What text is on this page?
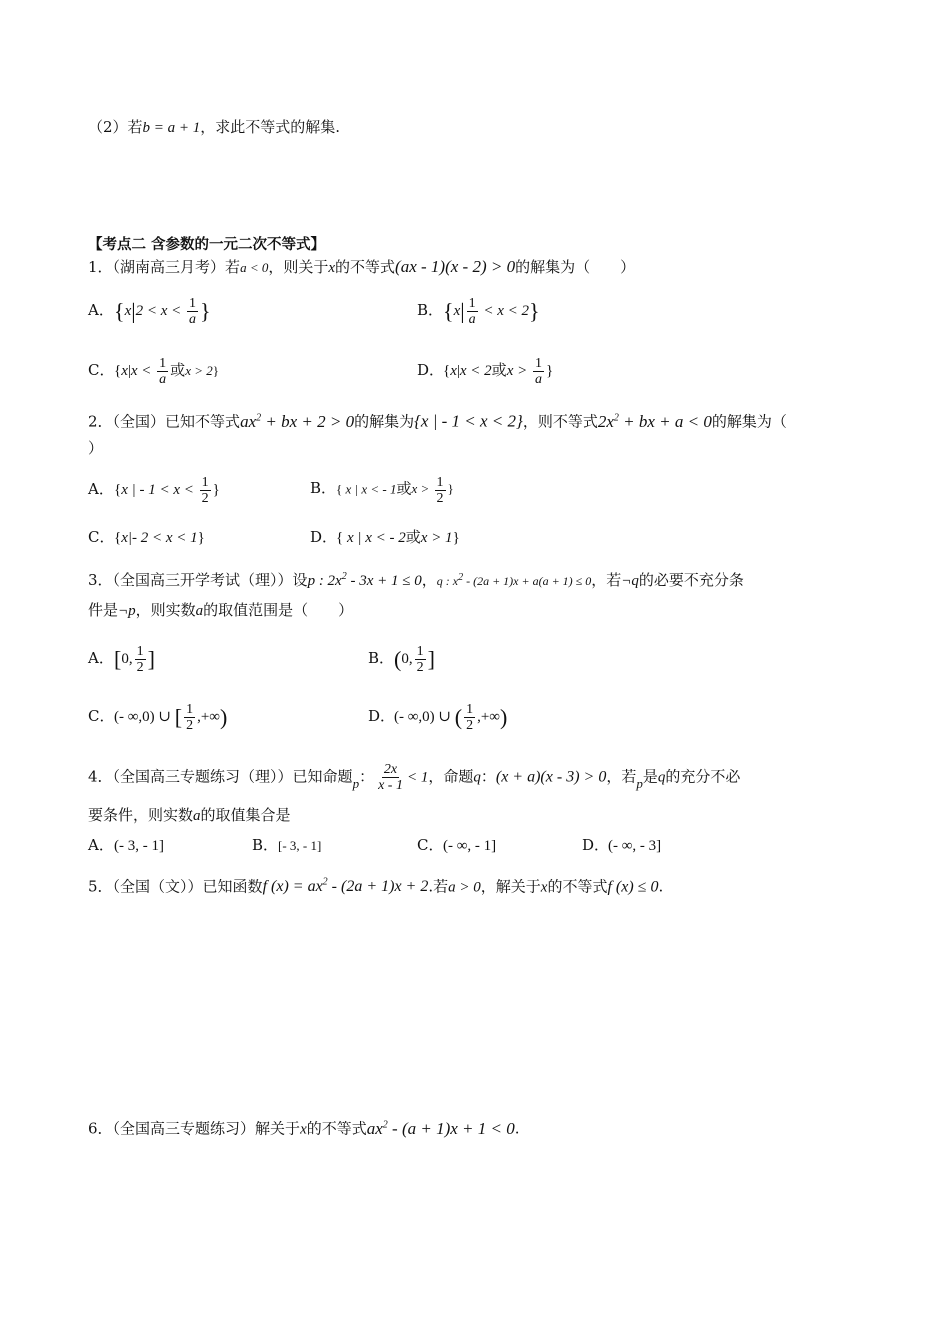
（2）若b = a + 1，求此不等式的解集.
【考点二 含参数的一元二次不等式】
1．（湖南高三月考）若a < 0，则关于x的不等式(ax - 1)(x - 2) > 0的解集为（　　）
A．{$x|2 < x < \frac{1}{a}$ }	B．$\{x| \frac{1}{a} < x < 2\}$
C．{$x|x < \frac{1}{a}$ 或x > 2}	D．{x|x < 2或$x > \frac{1}{a}$ }
2．（全国）已知不等式$ax^2$ + bx + 2 > 0的解集为{x | - 1 < x < 2}，则不等式$2x^2$ + bx + a < 0的解集为（
）
A．{x | - $1 < x < \frac{1}{2}$ }	B．{ x | x < - 1或$x > \frac{1}{2}$ }
C．{x|- 2 < x < 1}	D．{ x | x < - 2或x > 1}
3．（全国高三开学考试（理））设p : $2x^2 - 3x + 1 \le 0$，q : $x^2 - (2a + 1)x + a(a + 1) \le 0$，若¬q的必要不充分条
件是¬p，则实数a的取值范围是（　　）
A．[0, $\frac{1}{2}$ ]	B．(0, $\frac{1}{2}$ ]
C．(- ∞,0) ∪ [ $\frac{1}{2}$ ,+∞)	D．(- ∞,0) ∪ ( $\frac{1}{2}$ ,+∞)
4．（全国高三专题练习（理））已知命题p： $\frac{2x}{x - 1} < 1$，命题q：(x + a)(x - 3) > 0，若p是q的充分不必
要条件，则实数a的取值集合是
A．(- 3, - 1]	B．[- 3, - 1]	C．(- ∞, - 1]	D．(- ∞, - 3]
5．（全国（文））已知函数f $(x) = ax^2 - (2a + 1)x + 2$.若a > 0，解关于x的不等式f (x) ≤ 0.
6．（全国高三专题练习）解关于x的不等式$ax^2 - (a + 1)x + 1 < 0$.
